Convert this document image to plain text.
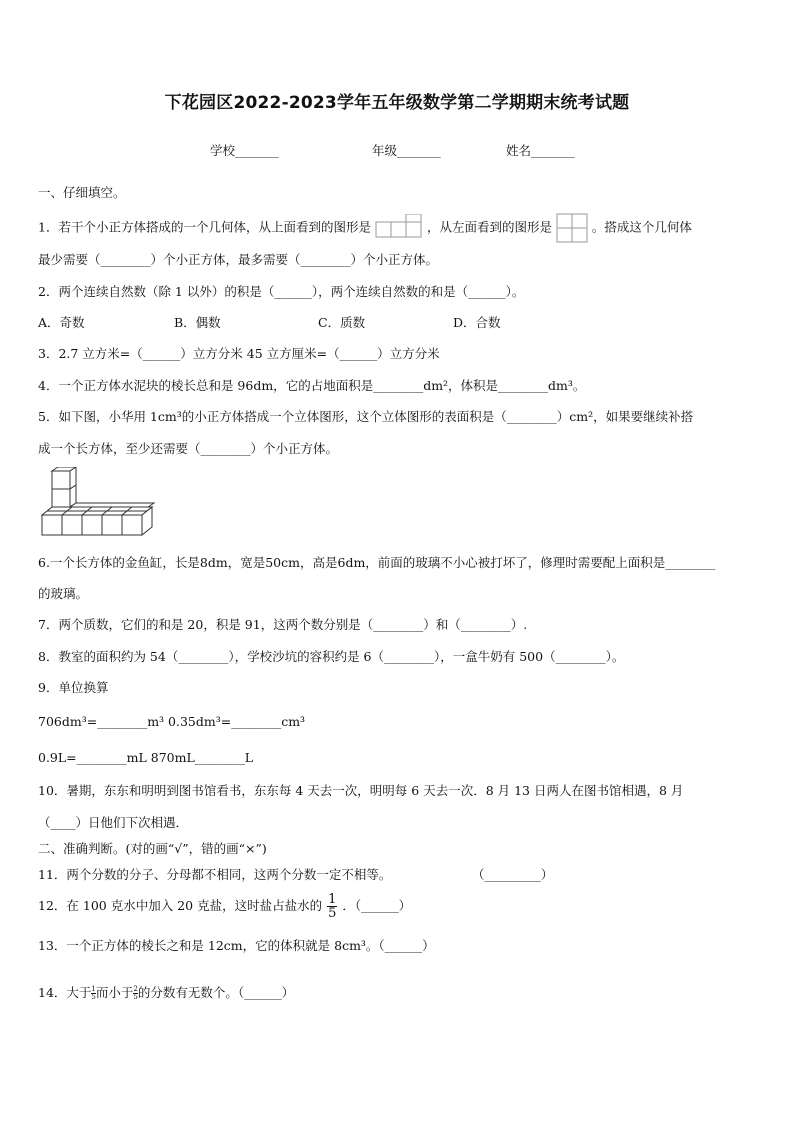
下花园区2022-2023学年五年级数学第二学期期末统考试题
学校_______	年级_______	姓名_______
一、仔细填空。
1．若干个小正方体搭成的一个几何体，从上面看到的图形是	，从左面看到的图形是	。搭成这个几何体
最少需要（________）个小正方体，最多需要（________）个小正方体。
2．两个连续自然数（除 1 以外）的积是（______），两个连续自然数的和是（______）。
A．奇数	B．偶数	C．质数	D．合数
3．2.7 立方米=（______）立方分米 45 立方厘米=（______）立方分米
4．一个正方体水泥块的棱长总和是 96dm，它的占地面积是________dm²，体积是________dm³。
5．如下图，小华用 1cm³的小正方体搭成一个立体图形，这个立体图形的表面积是（________）cm²，如果要继续补搭
成一个长方体，至少还需要（________）个小正方体。
6.一个长方体的金鱼缸，长是8dm，宽是50cm，高是6dm，前面的玻璃不小心被打坏了，修理时需要配上面积是________
的玻璃。
7．两个质数，它们的和是 20，积是 91，这两个数分别是（________）和（________）.
8．教室的面积约为 54（________），学校沙坑的容积约是 6（________），一盒牛奶有 500（________）。
9．单位换算
706dm³=________m³ 0.35dm³=________cm³
0.9L=________mL 870mL________L
10．暑期，东东和明明到图书馆看书，东东每 4 天去一次，明明每 6 天去一次．8 月 13 日两人在图书馆相遇，8 月
（____）日他们下次相遇．
二、准确判断。(对的画“√”，错的画“×”)
11．两个分数的分子、分母都不相同，这两个分数一定不相等。	（_________）
12．在 100 克水中加入 20 克盐，这时盐占盐水的 $\frac{1}{5}$ ．（______）
13．一个正方体的棱长之和是 12cm，它的体积就是 8cm³。（______）
14．大于 $\frac{1}{5}$ 而小于 $\frac{2}{5}$ 的分数有无数个。（______）
